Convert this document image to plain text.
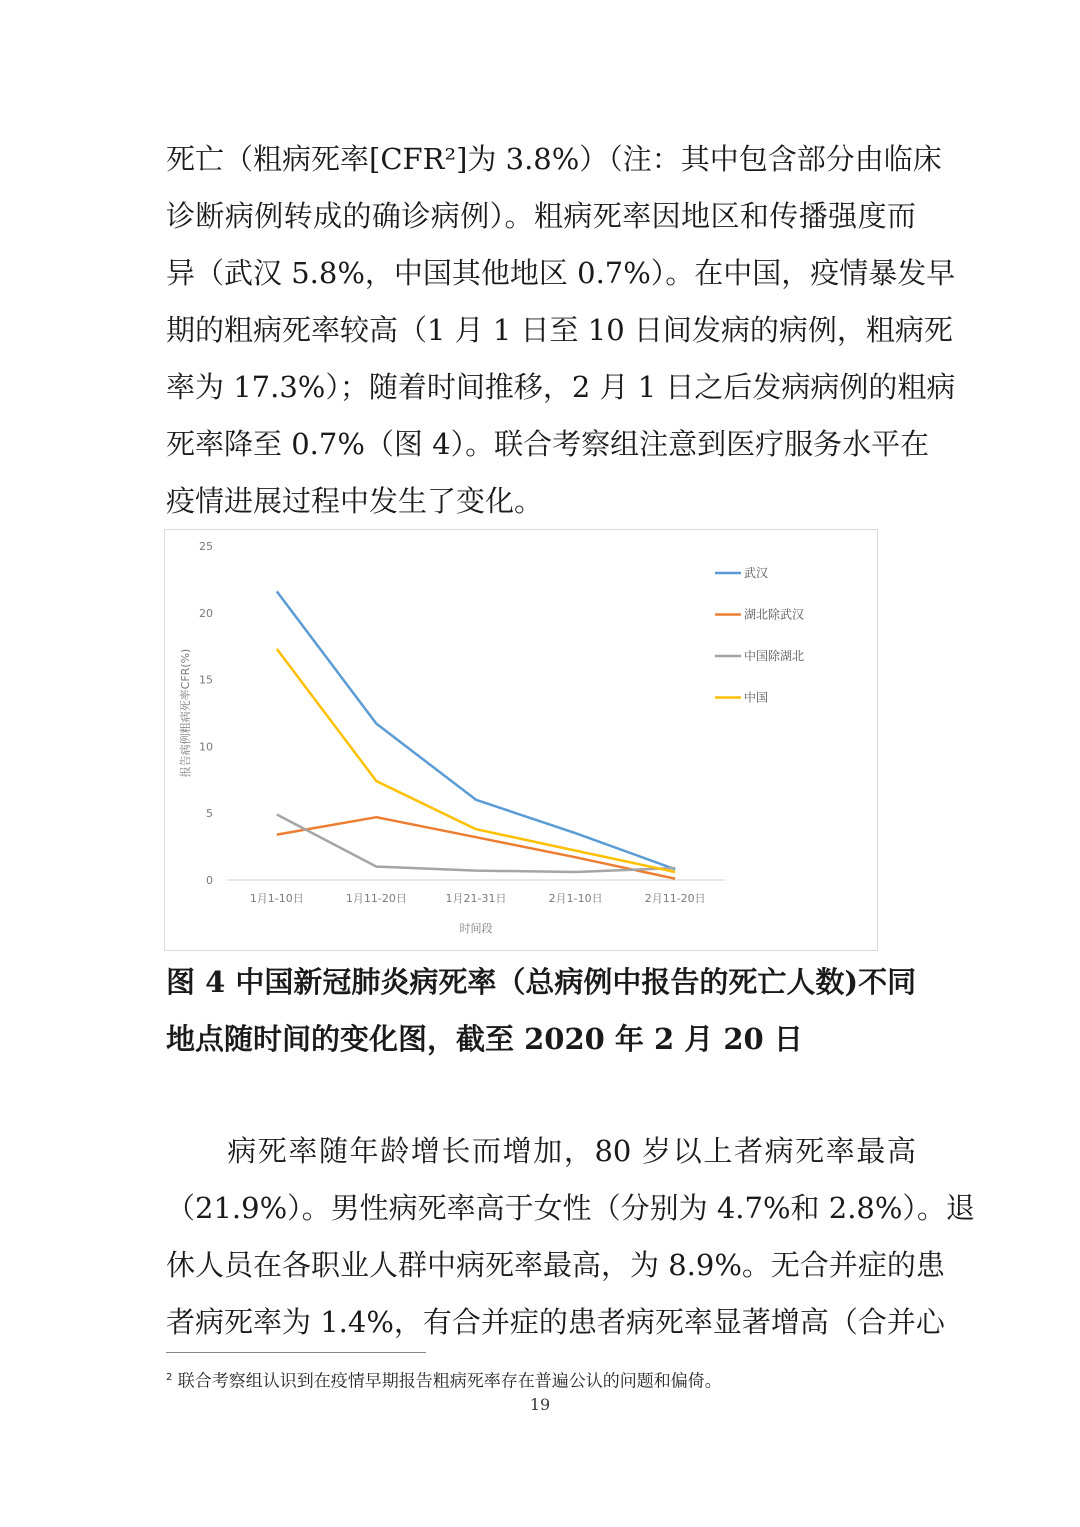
死亡（粗病死率[CFR²]为 3.8%）（注：其中包含部分由临床
诊断病例转成的确诊病例）。粗病死率因地区和传播强度而
异（武汉 5.8%，中国其他地区 0.7%）。在中国，疫情暴发早
期的粗病死率较高（1 月 1 日至 10 日间发病的病例，粗病死
率为 17.3%）；随着时间推移，2 月 1 日之后发病病例的粗病
死率降至 0.7%（图 4）。联合考察组注意到医疗服务水平在
疫情进展过程中发生了变化。
0
5
10
15
20
25
1月1-10日	1月11-20日	1月21-31日	2月1-10日	2月11-20日
武汉
湖北除武汉
中国除湖北
中国
报告病例粗病死率CFR(%)
时间段
图 4 中国新冠肺炎病死率（总病例中报告的死亡人数)不同
地点随时间的变化图，截至 2020 年 2 月 20 日
　　病死率随年龄增长而增加，80 岁以上者病死率最高
（21.9%）。男性病死率高于女性（分别为 4.7%和 2.8%）。退
休人员在各职业人群中病死率最高，为 8.9%。无合并症的患
者病死率为 1.4%，有合并症的患者病死率显著增高（合并心
$^2$ 联合考察组认识到在疫情早期报告粗病死率存在普遍公认的问题和偏倚。
19
